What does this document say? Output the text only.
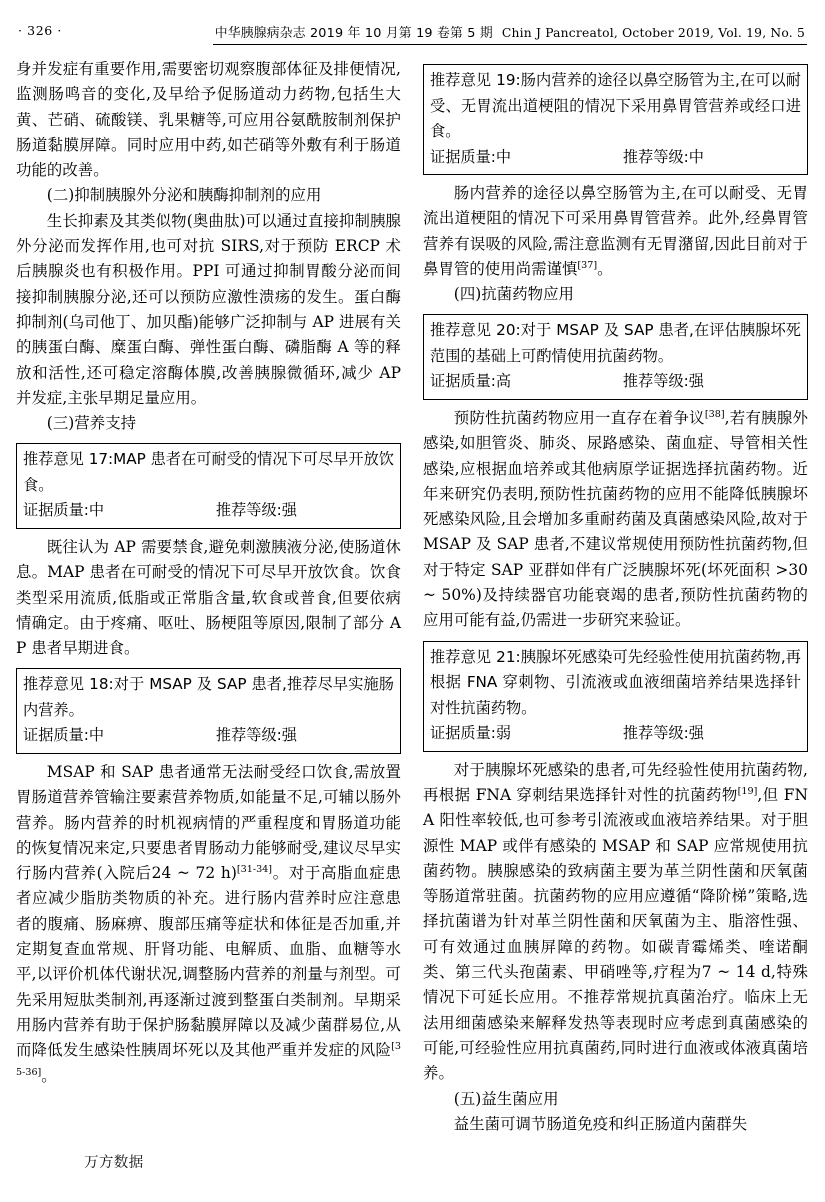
· 326 ·	中华胰腺病杂志 2019 年 10 月第 19 卷第 5 期 Chin J Pancreatol, October 2019, Vol. 19, No. 5

身并发症有重要作用,需要密切观察腹部体征及排便情况,监测肠鸣音的变化,及早给予促肠道动力药物,包括生大黄、芒硝、硫酸镁、乳果糖等,可应用谷氨酰胺制剂保护肠道黏膜屏障。同时应用中药,如芒硝等外敷有利于肠道功能的改善。

(二)抑制胰腺外分泌和胰酶抑制剂的应用

生长抑素及其类似物(奥曲肽)可以通过直接抑制胰腺外分泌而发挥作用,也可对抗 SIRS,对于预防 ERCP 术后胰腺炎也有积极作用。PPI 可通过抑制胃酸分泌而间接抑制胰腺分泌,还可以预防应激性溃疡的发生。蛋白酶抑制剂(乌司他丁、加贝酯)能够广泛抑制与 AP 进展有关的胰蛋白酶、糜蛋白酶、弹性蛋白酶、磷脂酶 A 等的释放和活性,还可稳定溶酶体膜,改善胰腺微循环,减少 AP 并发症,主张早期足量应用。

(三)营养支持

推荐意见 17:MAP 患者在可耐受的情况下可尽早开放饮食。

证据质量:中	推荐等级:强

既往认为 AP 需要禁食,避免刺激胰液分泌,使肠道休息。MAP 患者在可耐受的情况下可尽早开放饮食。饮食类型采用流质,低脂或正常脂含量,软食或普食,但要依病情确定。由于疼痛、呕吐、肠梗阻等原因,限制了部分 AP 患者早期进食。

推荐意见 18:对于 MSAP 及 SAP 患者,推荐尽早实施肠内营养。

证据质量:中	推荐等级:强

MSAP 和 SAP 患者通常无法耐受经口饮食,需放置胃肠道营养管输注要素营养物质,如能量不足,可辅以肠外营养。肠内营养的时机视病情的严重程度和胃肠道功能的恢复情况来定,只要患者胃肠动力能够耐受,建议尽早实行肠内营养(入院后24 ~ 72 h)[31-34]。对于高脂血症患者应减少脂肪类物质的补充。进行肠内营养时应注意患者的腹痛、肠麻痹、腹部压痛等症状和体征是否加重,并定期复查血常规、肝肾功能、电解质、血脂、血糖等水平,以评价机体代谢状况,调整肠内营养的剂量与剂型。可先采用短肽类制剂,再逐渐过渡到整蛋白类制剂。早期采用肠内营养有助于保护肠黏膜屏障以及减少菌群易位,从而降低发生感染性胰周坏死以及其他严重并发症的风险[35-36]。

推荐意见 19:肠内营养的途径以鼻空肠管为主,在可以耐受、无胃流出道梗阻的情况下采用鼻胃管营养或经口进食。

证据质量:中	推荐等级:中

肠内营养的途径以鼻空肠管为主,在可以耐受、无胃流出道梗阻的情况下可采用鼻胃管营养。此外,经鼻胃管营养有误吸的风险,需注意监测有无胃潴留,因此目前对于鼻胃管的使用尚需谨慎[37]。

(四)抗菌药物应用

推荐意见 20:对于 MSAP 及 SAP 患者,在评估胰腺坏死范围的基础上可酌情使用抗菌药物。

证据质量:高	推荐等级:强

预防性抗菌药物应用一直存在着争议[38],若有胰腺外感染,如胆管炎、肺炎、尿路感染、菌血症、导管相关性感染,应根据血培养或其他病原学证据选择抗菌药物。近年来研究仍表明,预防性抗菌药物的应用不能降低胰腺坏死感染风险,且会增加多重耐药菌及真菌感染风险,故对于 MSAP 及 SAP 患者,不建议常规使用预防性抗菌药物,但对于特定 SAP 亚群如伴有广泛胰腺坏死(坏死面积 >30 ~ 50%)及持续器官功能衰竭的患者,预防性抗菌药物的应用可能有益,仍需进一步研究来验证。

推荐意见 21:胰腺坏死感染可先经验性使用抗菌药物,再根据 FNA 穿刺物、引流液或血液细菌培养结果选择针对性抗菌药物。

证据质量:弱	推荐等级:强

对于胰腺坏死感染的患者,可先经验性使用抗菌药物,再根据 FNA 穿刺结果选择针对性的抗菌药物[19],但 FNA 阳性率较低,也可参考引流液或血液培养结果。对于胆源性 MAP 或伴有感染的 MSAP 和 SAP 应常规使用抗菌药物。胰腺感染的致病菌主要为革兰阴性菌和厌氧菌等肠道常驻菌。抗菌药物的应用应遵循“降阶梯”策略,选择抗菌谱为针对革兰阴性菌和厌氧菌为主、脂溶性强、可有效通过血胰屏障的药物。如碳青霉烯类、喹诺酮类、第三代头孢菌素、甲硝唑等,疗程为7 ~ 14 d,特殊情况下可延长应用。不推荐常规抗真菌治疗。临床上无法用细菌感染来解释发热等表现时应考虑到真菌感染的可能,可经验性应用抗真菌药,同时进行血液或体液真菌培养。

(五)益生菌应用

益生菌可调节肠道免疫和纠正肠道内菌群失

万方数据
